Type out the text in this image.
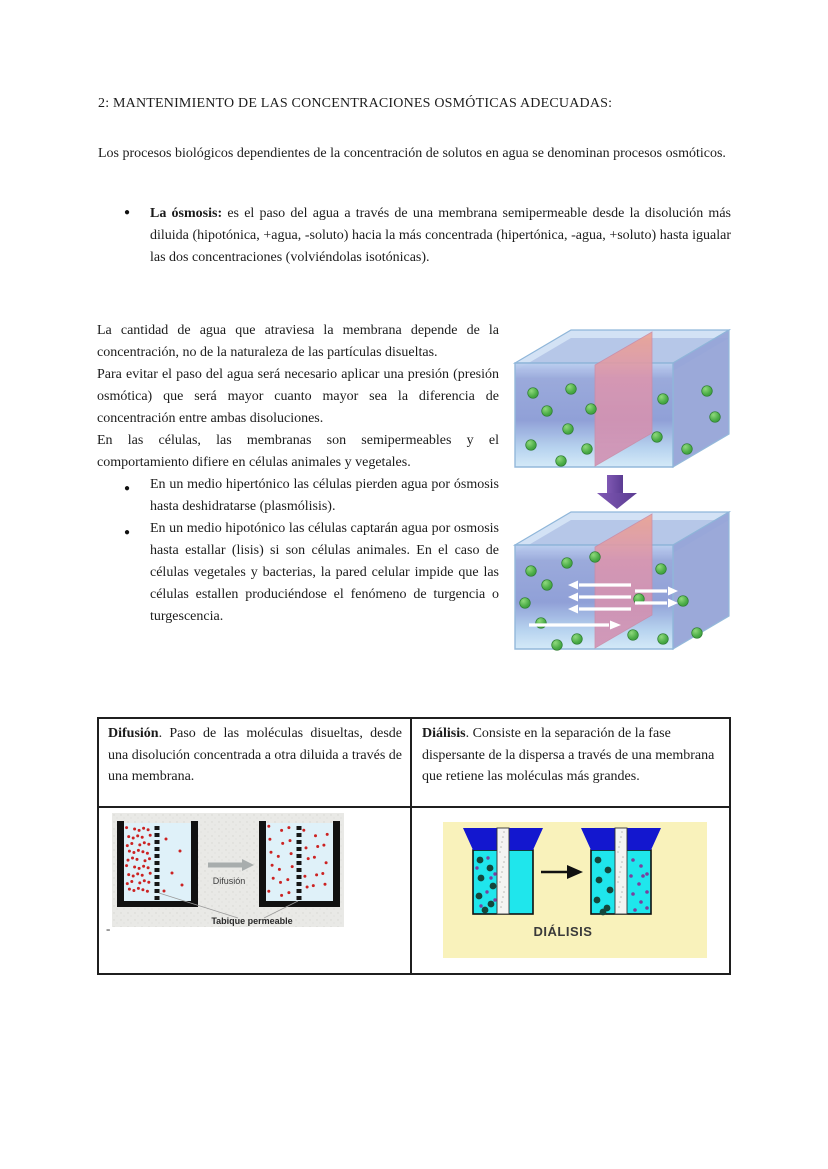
2: MANTENIMIENTO DE LAS CONCENTRACIONES OSMÓTICAS ADECUADAS:

Los procesos biológicos dependientes de la concentración de solutos en agua se denominan procesos osmóticos.

●	La ósmosis: es el paso del agua a través de una membrana semipermeable desde la disolución más diluida (hipotónica, +agua, -soluto) hacia la más concentrada (hipertónica, -agua, +soluto) hasta igualar las dos concentraciones (volviéndolas isotónicas).

La cantidad de agua que atraviesa la membrana depende de la concentración, no de la naturaleza de las partículas disueltas.

Para evitar el paso del agua será necesario aplicar una presión (presión osmótica) que será mayor cuanto mayor sea la diferencia de concentración entre ambas disoluciones.

En las células, las membranas son semipermeables y el comportamiento difiere en células animales y vegetales.

●	En un medio hipertónico las células pierden agua por ósmosis hasta deshidratarse (plasmólisis).

●	En un medio hipotónico las células captarán agua por osmosis hasta estallar (lisis) si son células animales. En el caso de células vegetales y bacterias, la pared celular impide que las células estallen produciéndose el fenómeno de turgencia o turgescencia.

Difusión. Paso de las moléculas disueltas, desde una disolución concentrada a otra diluida a través de una membrana.
Diálisis. Consiste en la separación de la fase dispersante de la dispersa a través de una membrana que retiene las moléculas más grandes.
Difusión
Tabique permeable
-	DIÁLISIS
